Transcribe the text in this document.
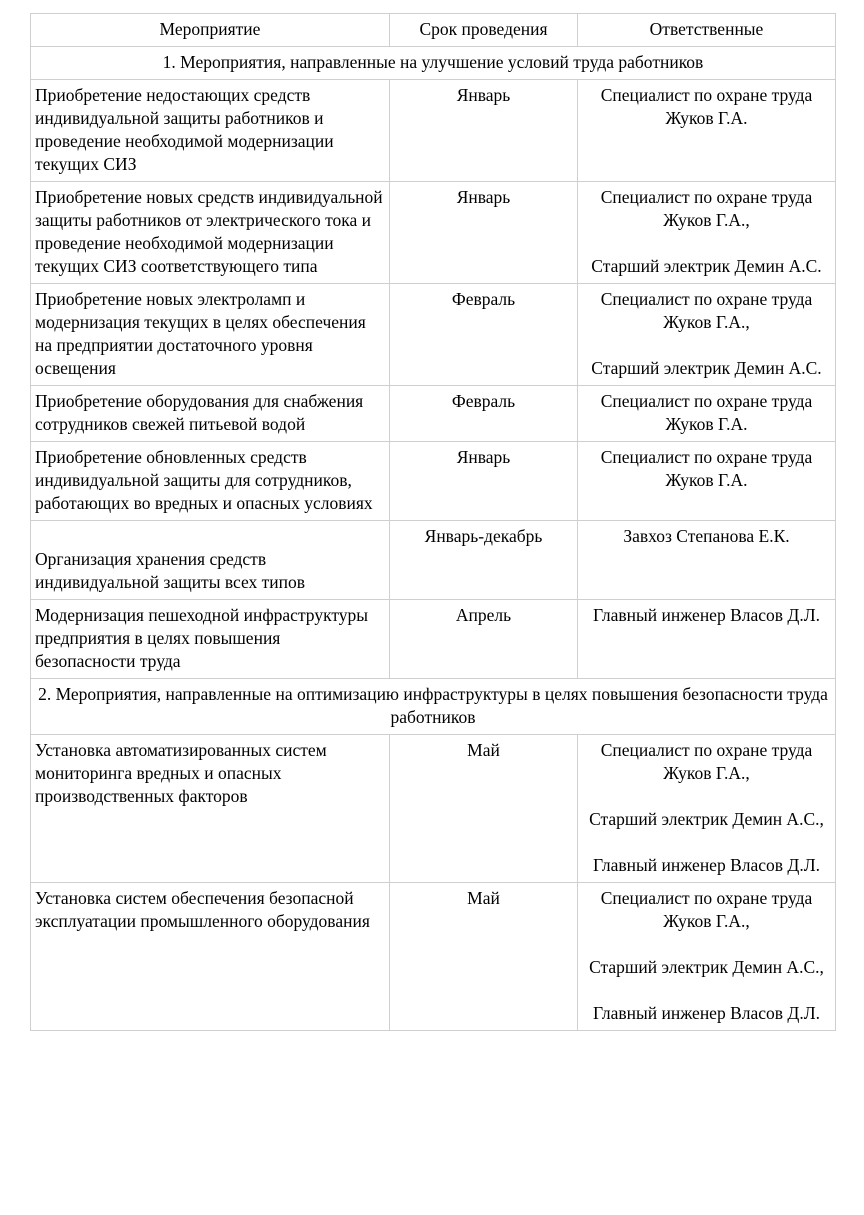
Мероприятие	Срок проведения	Ответственные
1. Мероприятия, направленные на улучшение условий труда работников		
Приобретение недостающих средств индивидуальной защиты работников и проведение необходимой модернизации текущих СИЗ	Январь	Специалист по охране труда Жуков Г.А.

Приобретение новых средств индивидуальной защиты работников от электрического тока и проведение необходимой модернизации текущих СИЗ соответствующего типа	Январь	Специалист по охране труда Жуков Г.А.,
Старший электрик Демин А.С.

Приобретение новых электроламп и модернизация текущих в целях обеспечения на предприятии достаточного уровня освещения	Февраль	Специалист по охране труда Жуков Г.А.,
Старший электрик Демин А.С.

Приобретение оборудования для снабжения сотрудников свежей питьевой водой	Февраль	Специалист по охране труда Жуков Г.А.

Приобретение обновленных средств индивидуальной защиты для сотрудников, работающих во вредных и опасных условиях	Январь	Специалист по охране труда Жуков Г.А.

Организация хранения средств индивидуальной защиты всех типов	Январь-декабрь	Завхоз Степанова Е.К.

Модернизация пешеходной инфраструктуры предприятия в целях повышения безопасности труда	Апрель	Главный инженер Власов Д.Л.

2. Мероприятия, направленные на оптимизацию инфраструктуры в целях повышения безопасности труда работников		
Установка автоматизированных систем мониторинга вредных и опасных производственных факторов	Май	Специалист по охране труда Жуков Г.А.,
Старший электрик Демин А.С.,
Главный инженер Власов Д.Л.

Установка систем обеспечения безопасной эксплуатации промышленного оборудования	Май	Специалист по охране труда Жуков Г.А.,
Старший электрик Демин А.С.,
Главный инженер Власов Д.Л.
